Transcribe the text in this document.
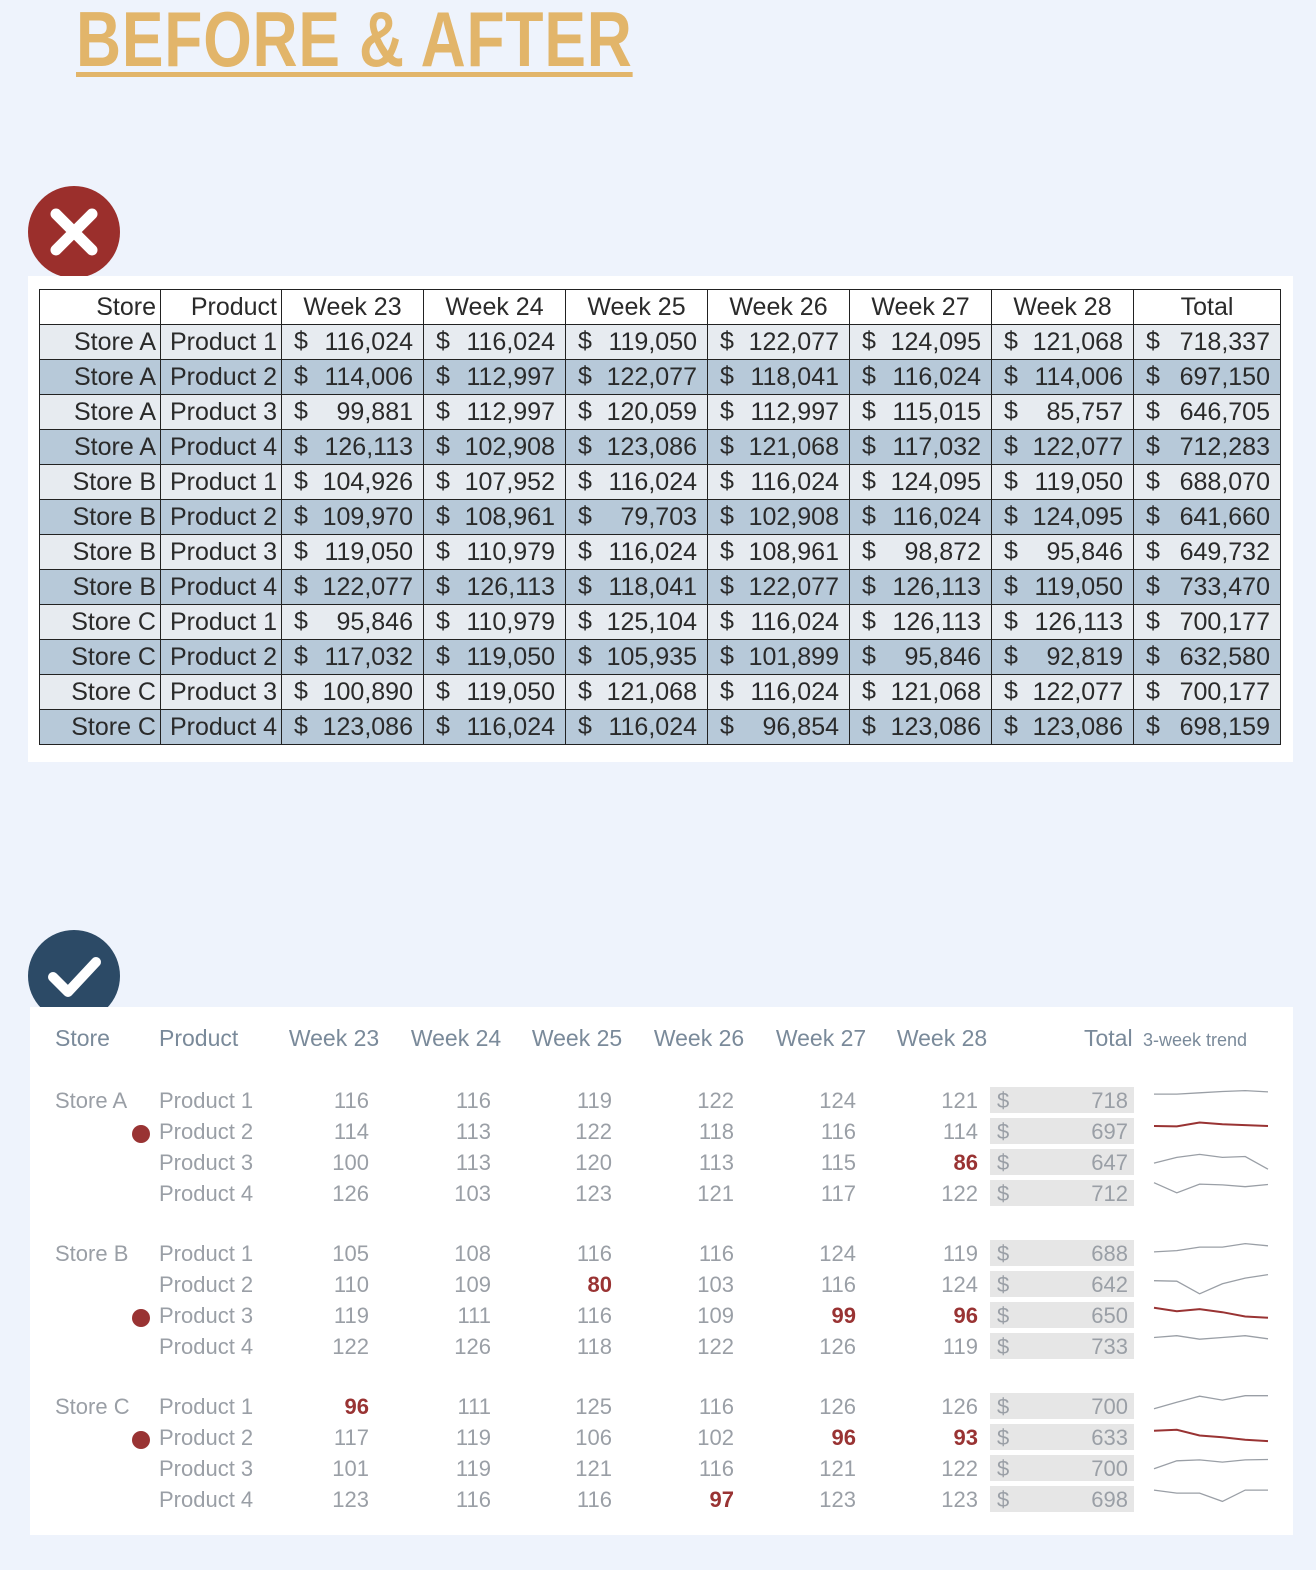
BEFORE & AFTER
Store	Product	Week 23	Week 24	Week 25	Week 26	Week 27	Week 28	Total
Store A	Product 1	$ 116,024	$ 116,024	$ 119,050	$ 122,077	$ 124,095	$ 121,068	$ 718,337
Store A	Product 2	$ 114,006	$ 112,997	$ 122,077	$ 118,041	$ 116,024	$ 114,006	$ 697,150
Store A	Product 3	$ 99,881	$ 112,997	$ 120,059	$ 112,997	$ 115,015	$ 85,757	$ 646,705
Store A	Product 4	$ 126,113	$ 102,908	$ 123,086	$ 121,068	$ 117,032	$ 122,077	$ 712,283
Store B	Product 1	$ 104,926	$ 107,952	$ 116,024	$ 116,024	$ 124,095	$ 119,050	$ 688,070
Store B	Product 2	$ 109,970	$ 108,961	$ 79,703	$ 102,908	$ 116,024	$ 124,095	$ 641,660
Store B	Product 3	$ 119,050	$ 110,979	$ 116,024	$ 108,961	$ 98,872	$ 95,846	$ 649,732
Store B	Product 4	$ 122,077	$ 126,113	$ 118,041	$ 122,077	$ 126,113	$ 119,050	$ 733,470
Store C	Product 1	$ 95,846	$ 110,979	$ 125,104	$ 116,024	$ 126,113	$ 126,113	$ 700,177
Store C	Product 2	$ 117,032	$ 119,050	$ 105,935	$ 101,899	$ 95,846	$ 92,819	$ 632,580
Store C	Product 3	$ 100,890	$ 119,050	$ 121,068	$ 116,024	$ 121,068	$ 122,077	$ 700,177
Store C	Product 4	$ 123,086	$ 116,024	$ 116,024	$ 96,854	$ 123,086	$ 123,086	$ 698,159
Store Product	Week 23	Week 24	Week 25	Week 26	Week 27	Week 28	Total 3-week trend
Store A Product 1	116	116	119	122	124	121 $	718
Product 2	114	113	122	118	116	114 $	697
Product 3	100	113	120	113	115	86 $	647
Product 4	126	103	123	121	117	122 $	712
Store B Product 1	105	108	116	116	124	119 $	688
Product 2	110	109	80	103	116	124 $	642
Product 3	119	111	116	109	99	96 $	650
Product 4	122	126	118	122	126	119 $	733
Store C Product 1	96	111	125	116	126	126 $	700
Product 2	117	119	106	102	96	93 $	633
Product 3	101	119	121	116	121	122 $	700
Product 4	123	116	116	97	123	123 $	698
